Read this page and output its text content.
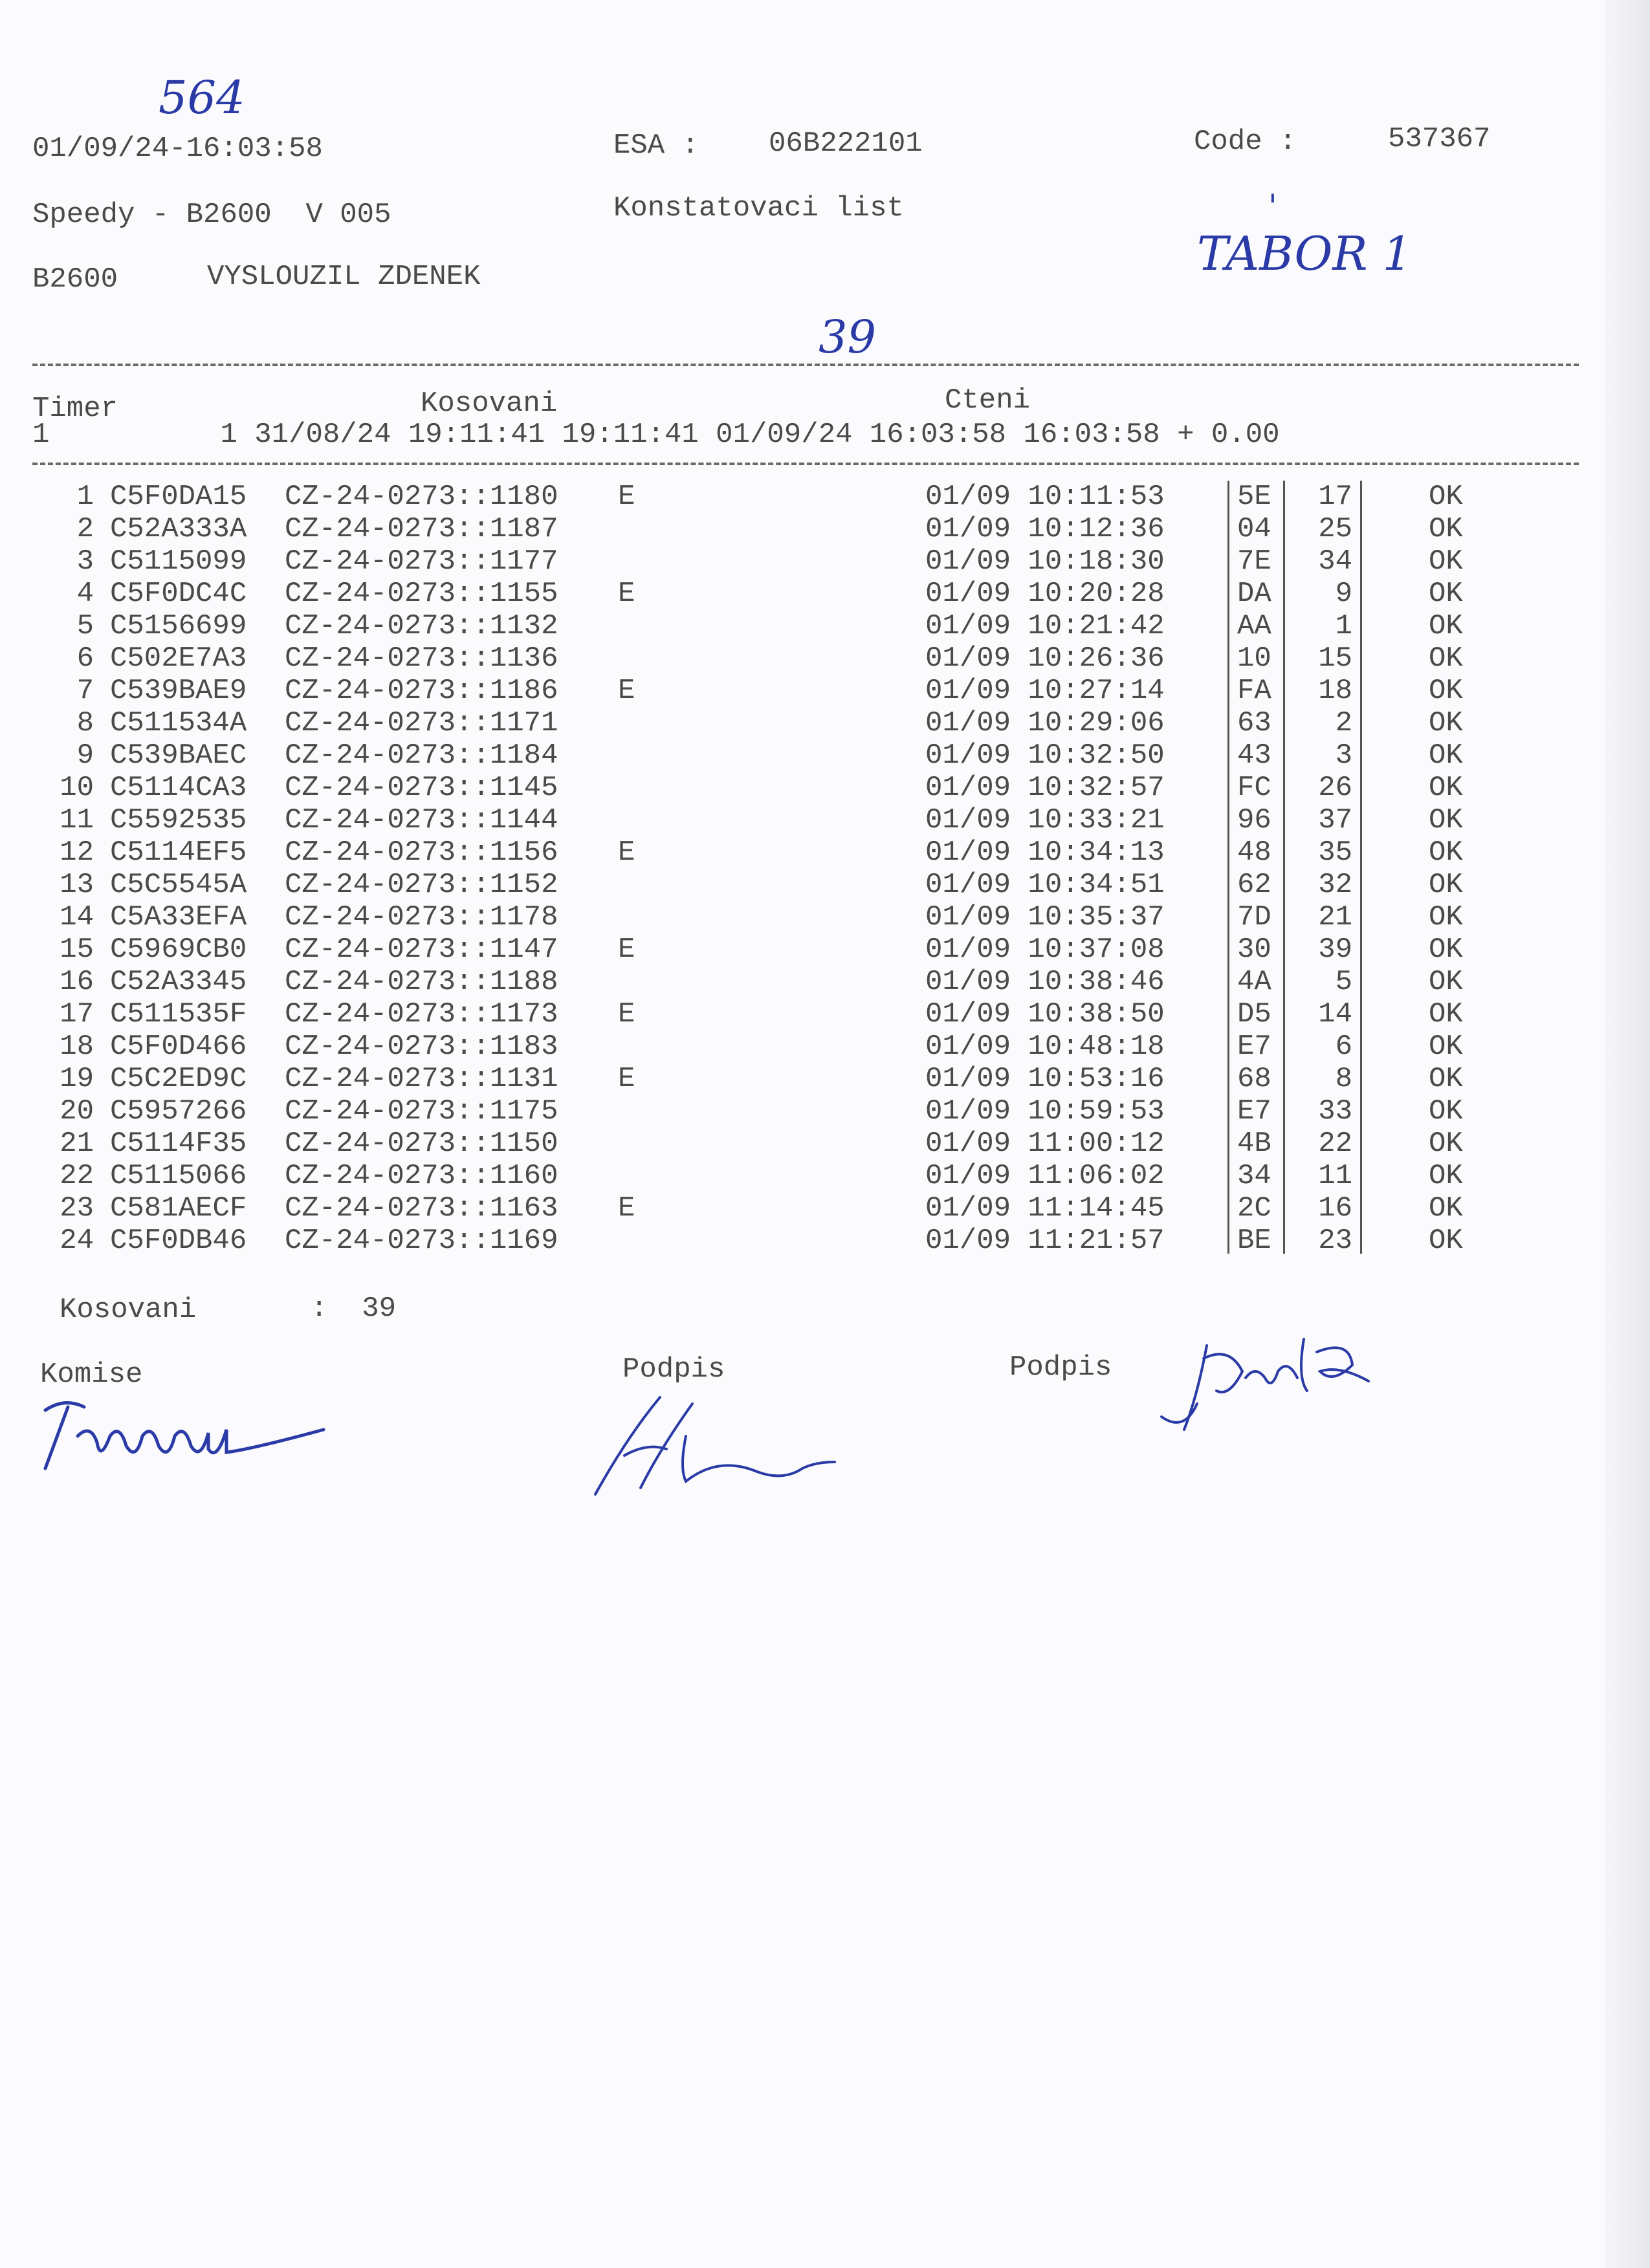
564
'
TABOR 1
39
01/09/24-16:03:58	ESA : 06B222101	Code :	537367
Speedy - B2600  V 005	Konstatovaci list
B2600	VYSLOUZIL ZDENEK
Timer	Kosovani	Cteni
1          1 31/08/24 19:11:41 19:11:41 01/09/24 16:03:58 16:03:58 + 0.00
1 C5F0DA15 CZ-24-0273::1180 E	01/09 10:11:53	5E	17	OK
2 C52A333A CZ-24-0273::1187	01/09 10:12:36	04	25	OK
3 C5115099 CZ-24-0273::1177	01/09 10:18:30	7E	34	OK
4 C5F0DC4C CZ-24-0273::1155 E	01/09 10:20:28	DA	9	OK
5 C5156699 CZ-24-0273::1132	01/09 10:21:42	AA	1	OK
6 C502E7A3 CZ-24-0273::1136	01/09 10:26:36	10	15	OK
7 C539BAE9 CZ-24-0273::1186 E	01/09 10:27:14	FA	18	OK
8 C511534A CZ-24-0273::1171	01/09 10:29:06	63	2	OK
9 C539BAEC CZ-24-0273::1184	01/09 10:32:50	43	3	OK
10 C5114CA3 CZ-24-0273::1145	01/09 10:32:57	FC	26	OK
11 C5592535 CZ-24-0273::1144	01/09 10:33:21	96	37	OK
12 C5114EF5 CZ-24-0273::1156 E	01/09 10:34:13	48	35	OK
13 C5C5545A CZ-24-0273::1152	01/09 10:34:51	62	32	OK
14 C5A33EFA CZ-24-0273::1178	01/09 10:35:37	7D	21	OK
15 C5969CB0 CZ-24-0273::1147 E	01/09 10:37:08	30	39	OK
16 C52A3345 CZ-24-0273::1188	01/09 10:38:46	4A	5	OK
17 C511535F CZ-24-0273::1173 E	01/09 10:38:50	D5	14	OK
18 C5F0D466 CZ-24-0273::1183	01/09 10:48:18	E7	6	OK
19 C5C2ED9C CZ-24-0273::1131 E	01/09 10:53:16	68	8	OK
20 C5957266 CZ-24-0273::1175	01/09 10:59:53	E7	33	OK
21 C5114F35 CZ-24-0273::1150	01/09 11:00:12	4B	22	OK
22 C5115066 CZ-24-0273::1160	01/09 11:06:02	34	11	OK
23 C581AECF CZ-24-0273::1163 E	01/09 11:14:45	2C	16	OK
24 C5F0DB46 CZ-24-0273::1169	01/09 11:21:57	BE	23	OK
Kosovani	:  39
Komise	Podpis	Podpis
